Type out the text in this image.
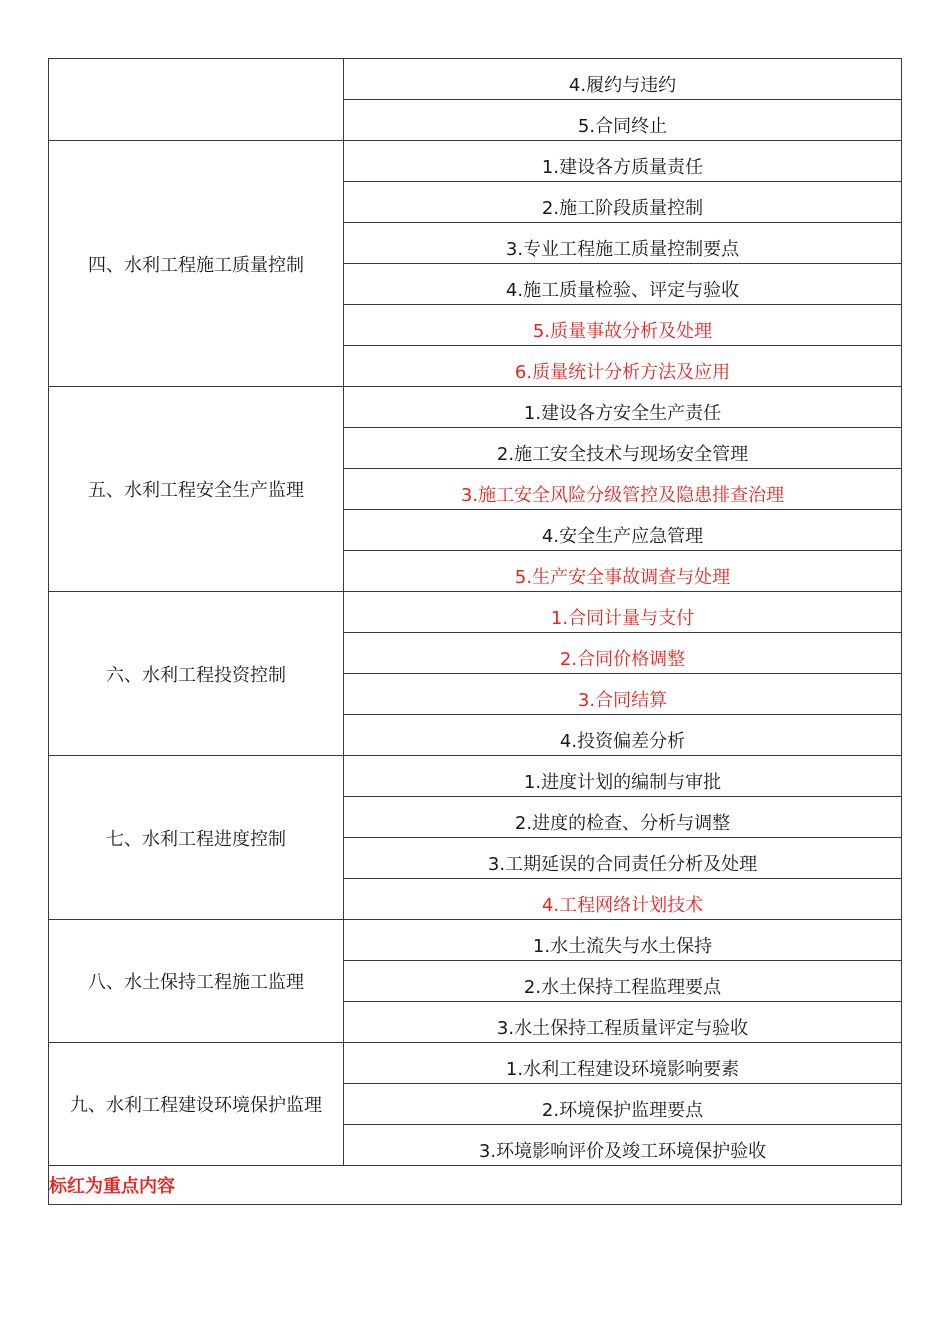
	4.履约与违约
	5.合同终止
四、水利工程施工质量控制	1.建设各方质量责任
	2.施工阶段质量控制
	3.专业工程施工质量控制要点
	4.施工质量检验、评定与验收
	5.质量事故分析及处理
	6.质量统计分析方法及应用
五、水利工程安全生产监理	1.建设各方安全生产责任
	2.施工安全技术与现场安全管理
	3.施工安全风险分级管控及隐患排查治理
	4.安全生产应急管理
	5.生产安全事故调查与处理
六、水利工程投资控制	1.合同计量与支付
	2.合同价格调整
	3.合同结算
	4.投资偏差分析
七、水利工程进度控制	1.进度计划的编制与审批
	2.进度的检查、分析与调整
	3.工期延误的合同责任分析及处理
	4.工程网络计划技术
八、水土保持工程施工监理	1.水土流失与水土保持
	2.水土保持工程监理要点
	3.水土保持工程质量评定与验收
九、水利工程建设环境保护监理	1.水利工程建设环境影响要素
	2.环境保护监理要点
	3.环境影响评价及竣工环境保护验收
标红为重点内容	
